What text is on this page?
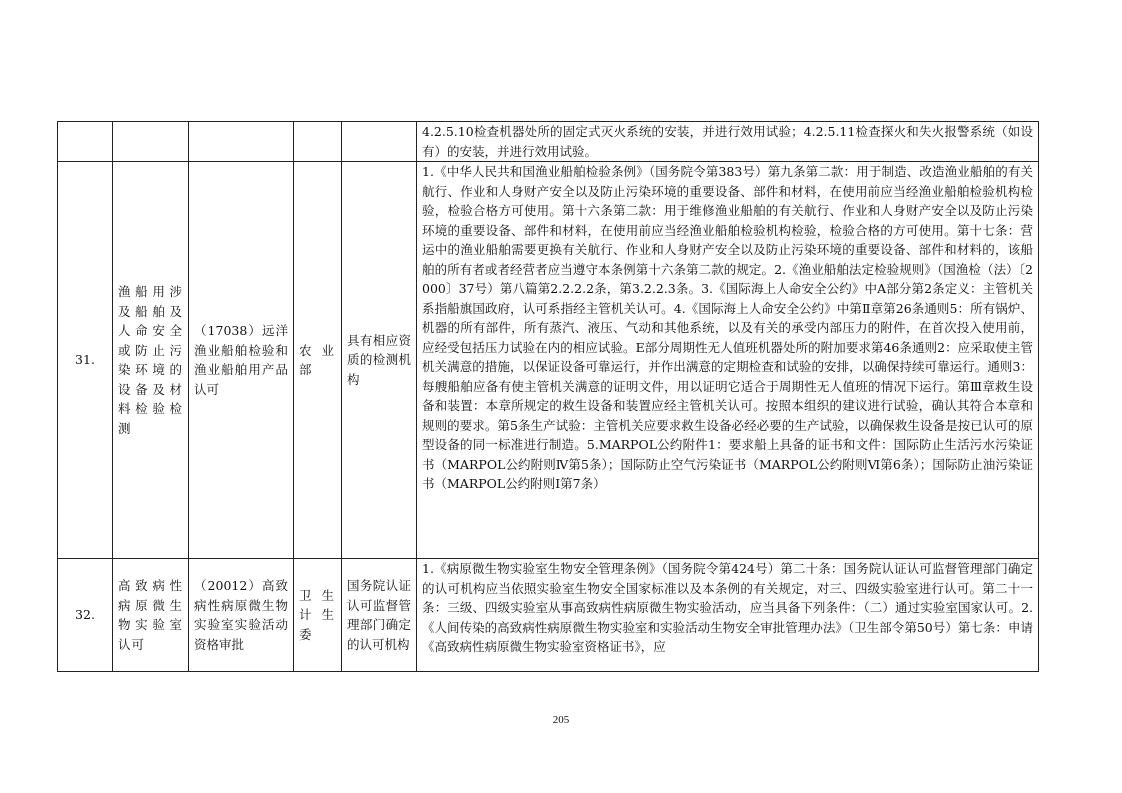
					4.2.5.10检查机器处所的固定式灭火系统的安装，并进行效用试验；4.2.5.11检查探火和失火报警系统（如设有）的安装，并进行效用试验。
31.	渔船用涉及船舶及人命安全或防止污染环境的设备及材料检验检测	（17038）远洋渔业船舶检验和渔业船舶用产品认可	农业部	具有相应资质的检测机构	1.《中华人民共和国渔业船舶检验条例》（国务院令第383号）第九条第二款：用于制造、改造渔业船舶的有关航行、作业和人身财产安全以及防止污染环境的重要设备、部件和材料，在使用前应当经渔业船舶检验机构检验，检验合格方可使用。第十六条第二款：用于维修渔业船舶的有关航行、作业和人身财产安全以及防止污染环境的重要设备、部件和材料，在使用前应当经渔业船舶检验机构检验，检验合格的方可使用。第十七条：营运中的渔业船舶需要更换有关航行、作业和人身财产安全以及防止污染环境的重要设备、部件和材料的，该船舶的所有者或者经营者应当遵守本条例第十六条第二款的规定。2.《渔业船舶法定检验规则》（国渔检（法）〔2000〕37号）第八篇第2.2.2.2条，第3.2.2.3条。3.《国际海上人命安全公约》中A部分第2条定义：主管机关系指船旗国政府，认可系指经主管机关认可。4.《国际海上人命安全公约》中第Ⅱ章第26条通则5：所有锅炉、机器的所有部件，所有蒸汽、液压、气动和其他系统，以及有关的承受内部压力的附件，在首次投入使用前，应经受包括压力试验在内的相应试验。E部分周期性无人值班机器处所的附加要求第46条通则2：应采取使主管机关满意的措施，以保证设备可靠运行，并作出满意的定期检查和试验的安排，以确保持续可靠运行。通则3：每艘船舶应备有使主管机关满意的证明文件，用以证明它适合于周期性无人值班的情况下运行。第Ⅲ章救生设备和装置：本章所规定的救生设备和装置应经主管机关认可。按照本组织的建议进行试验，确认其符合本章和规则的要求。第5条生产试验：主管机关应要求救生设备必经必要的生产试验，以确保救生设备是按已认可的原型设备的同一标准进行制造。5.MARPOL公约附件1：要求船上具备的证书和文件：国际防止生活污水污染证书（MARPOL公约附则Ⅳ第5条）；国际防止空气污染证书（MARPOL公约附则Ⅵ第6条）；国际防止油污染证书（MARPOL公约附则Ⅰ第7条）
32.	高致病性病原微生物实验室认可	（20012）高致病性病原微生物实验室实验活动资格审批	卫生计生委	国务院认证认可监督管理部门确定的认可机构	1.《病原微生物实验室生物安全管理条例》（国务院令第424号）第二十条：国务院认证认可监督管理部门确定的认可机构应当依照实验室生物安全国家标准以及本条例的有关规定，对三、四级实验室进行认可。第二十一条：三级、四级实验室从事高致病性病原微生物实验活动，应当具备下列条件：（二）通过实验室国家认可。2.《人间传染的高致病性病原微生物实验室和实验活动生物安全审批管理办法》（卫生部令第50号）第七条：申请《高致病性病原微生物实验室资格证书》，应
205
